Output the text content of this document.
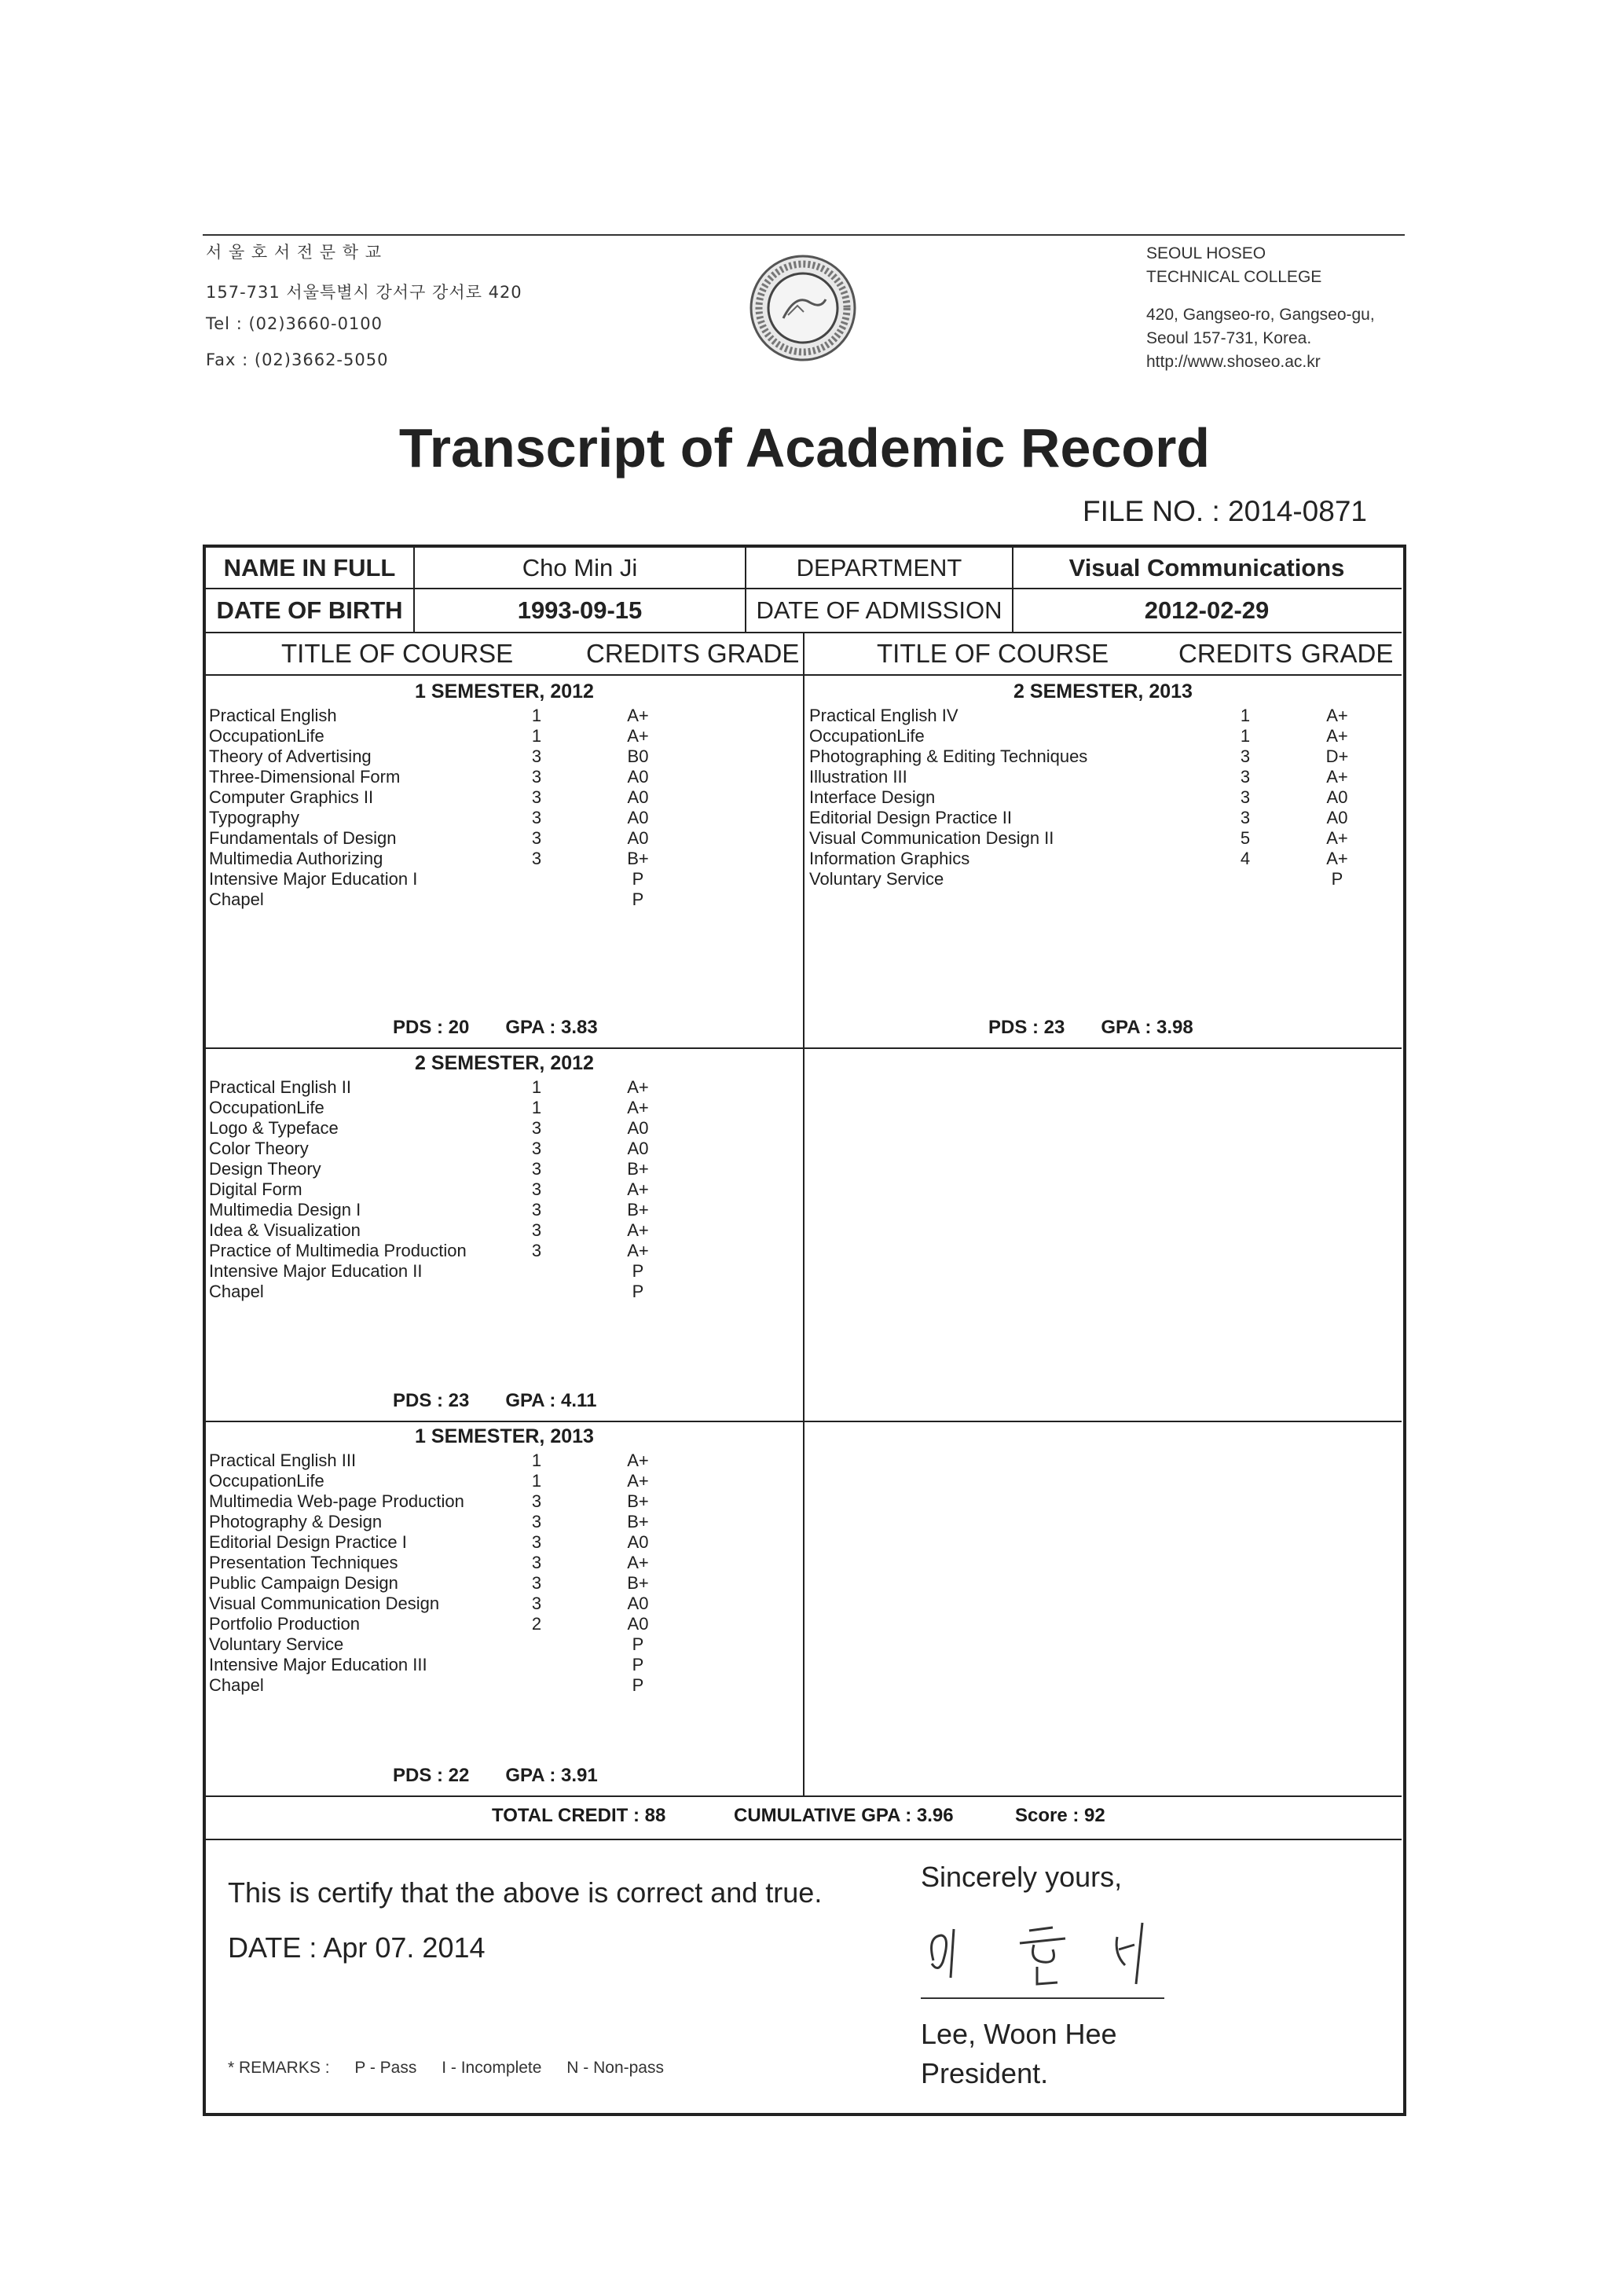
서 울 호 서 전 문 학 교
157-731 서울특별시 강서구 강서로 420
Tel : (02)3660-0100
Fax : (02)3662-5050
SEOUL HOSEO
TECHNICAL COLLEGE
420, Gangseo-ro, Gangseo-gu,
Seoul 157-731, Korea.
http://www.shoseo.ac.kr
Transcript of Academic Record
FILE NO. : 2014-0871
NAME IN FULL	Cho Min Ji	DEPARTMENT	Visual Communications
DATE OF BIRTH	1993-09-15	DATE OF ADMISSION	2012-02-29
TITLE OF COURSE	CREDITS GRADE	TITLE OF COURSE	CREDITS GRADE
1 SEMESTER, 2012
Practical English	1	A+
OccupationLife	1	A+
Theory of Advertising	3	B0
Three-Dimensional Form	3	A0
Computer Graphics II	3	A0
Typography	3	A0
Fundamentals of Design	3	A0
Multimedia Authorizing	3	B+
Intensive Major Education I	P
Chapel	P
PDS : 20 GPA : 3.83
2 SEMESTER, 2013
Practical English IV	1	A+
OccupationLife	1	A+
Photographing & Editing Techniques	3	D+
Illustration III	3	A+
Interface Design	3	A0
Editorial Design Practice II	3	A0
Visual Communication Design II	5	A+
Information Graphics	4	A+
Voluntary Service	P
PDS : 23 GPA : 3.98
2 SEMESTER, 2012
Practical English II	1	A+
OccupationLife	1	A+
Logo & Typeface	3	A0
Color Theory	3	A0
Design Theory	3	B+
Digital Form	3	A+
Multimedia Design I	3	B+
Idea & Visualization	3	A+
Practice of Multimedia Production	3	A+
Intensive Major Education II	P
Chapel	P
PDS : 23 GPA : 4.11
1 SEMESTER, 2013
Practical English III	1	A+
OccupationLife	1	A+
Multimedia Web-page Production	3	B+
Photography & Design	3	B+
Editorial Design Practice I	3	A0
Presentation Techniques	3	A+
Public Campaign Design	3	B+
Visual Communication Design	3	A0
Portfolio Production	2	A0
Voluntary Service	P
Intensive Major Education III	P
Chapel	P
PDS : 22 GPA : 3.91
TOTAL CREDIT : 88	CUMULATIVE GPA : 3.96	Score : 92
This is certify that the above is correct and true.
DATE : Apr 07. 2014
Sincerely yours,
Lee, Woon Hee
President.
* REMARKS : P - Pass I - Incomplete N - Non-pass
